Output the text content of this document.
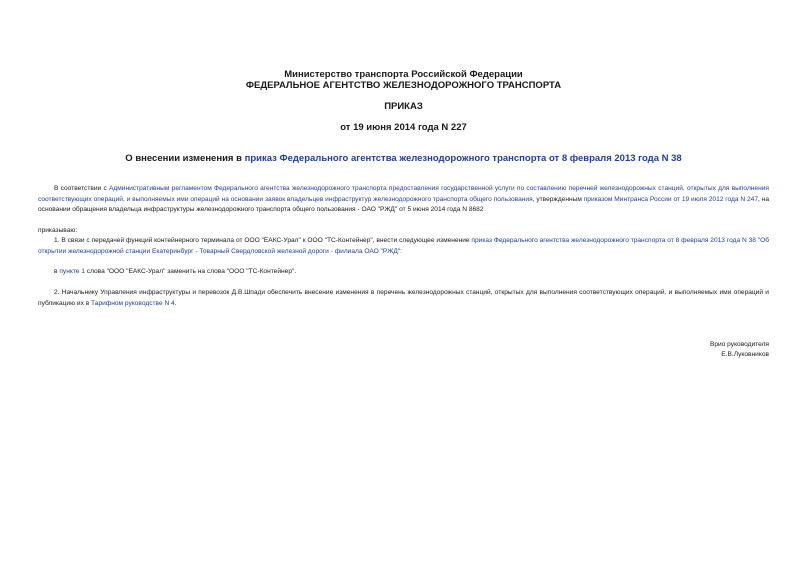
Министерство транспорта Российской Федерации
ФЕДЕРАЛЬНОЕ АГЕНТСТВО ЖЕЛЕЗНОДОРОЖНОГО ТРАНСПОРТА
ПРИКАЗ
от 19 июня 2014 года N 227
О внесении изменения в приказ Федерального агентства железнодорожного транспорта от 8 февраля 2013 года N 38
В соответствии с Административным регламентом Федерального агентства железнодорожного транспорта предоставления государственной услуги по составлению перечней железнодорожных станций, открытых для выполнения соответствующих операций, и выполняемых ими операций на основании заявок владельцев инфраструктур железнодорожного транспорта общего пользования, утвержденным приказом Минтранса России от 19 июля 2012 года N 247, на основании обращения владельца инфраструктуры железнодорожного транспорта общего пользования - ОАО "РЖД" от 5 июня 2014 года N 8682
приказываю:
1. В связи с передачей функций контейнерного терминала от ООО "ЕАКС-Урал" к ООО "ТС-Контейнер", внести следующее изменение приказ Федерального агентства железнодорожного транспорта от 8 февраля 2013 года N 38 "Об открытии железнодорожной станции Екатеринбург - Товарный Свердловской железной дороги - филиала ОАО "РЖД":
в пункте 1 слова "ООО "ЕАКС-Урал" заменить на слова "ООО "ТС-Контейнер".
2. Начальнику Управления инфраструктуры и перевозок Д.В.Шпади обеспечить внесение изменения в перечень железнодорожных станций, открытых для выполнения соответствующих операций, и выполняемых ими операций и публикацию их в Тарифном руководстве N 4.
Врио руководителя
Е.В.Луковников
